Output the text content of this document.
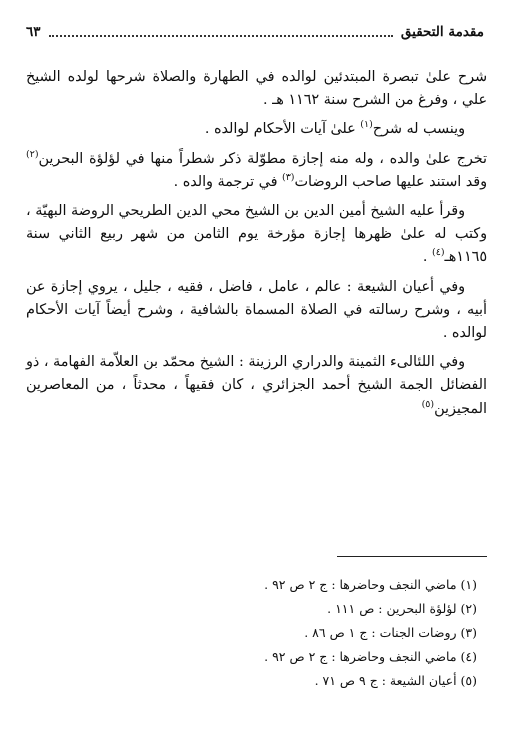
مقدمة التحقيق
٦٣

شرح علىٰ تبصرة المبتدئين لوالده في الطهارة والصلاة شرحها لولده الشيخ علي ، وفرغ من الشرح سنة ١١٦٢ هـ .

وينسب له شرح$^{(١)}$ علىٰ آيات الأحكام لوالده .

تخرج علىٰ والده ، وله منه إجازة مطوّلة ذكر شطراً منها في لؤلؤة البحرين$^{(٢)}$ وقد استند عليها صاحب الروضات$^{(٣)}$ في ترجمة والده .

وقرأ عليه الشيخ أمين الدين بن الشيخ محي الدين الطريحي الروضة البهيّة ، وكتب له علىٰ ظهرها إجازة مؤرخة يوم الثامن من شهر ربيع الثاني سنة ١١٦٥هـ$^{(٤)}$ .

وفي أعيان الشيعة : عالم ، عامل ، فاضل ، فقيه ، جليل ، يروي إجازة عن أبيه ، وشرح رسالته في الصلاة المسماة بالشافية ، وشرح أيضاً آيات الأحكام لوالده .

وفي اللئالىء الثمينة والدراري الرزينة : الشيخ محمّد بن العلاّمة الفهامة ، ذو الفضائل الجمة الشيخ أحمد الجزائري ، كان فقيهاً ، محدثاً ، من المعاصرين المجيزين$^{(٥)}$

(١) ماضي النجف وحاضرها : ج ٢ ص ٩٢ .
(٢) لؤلؤة البحرين : ص ١١١ .
(٣) روضات الجنات : ج ١ ص ٨٦ .
(٤) ماضي النجف وحاضرها : ج ٢ ص ٩٢ .
(٥) أعيان الشيعة : ج ٩ ص ٧١ .
